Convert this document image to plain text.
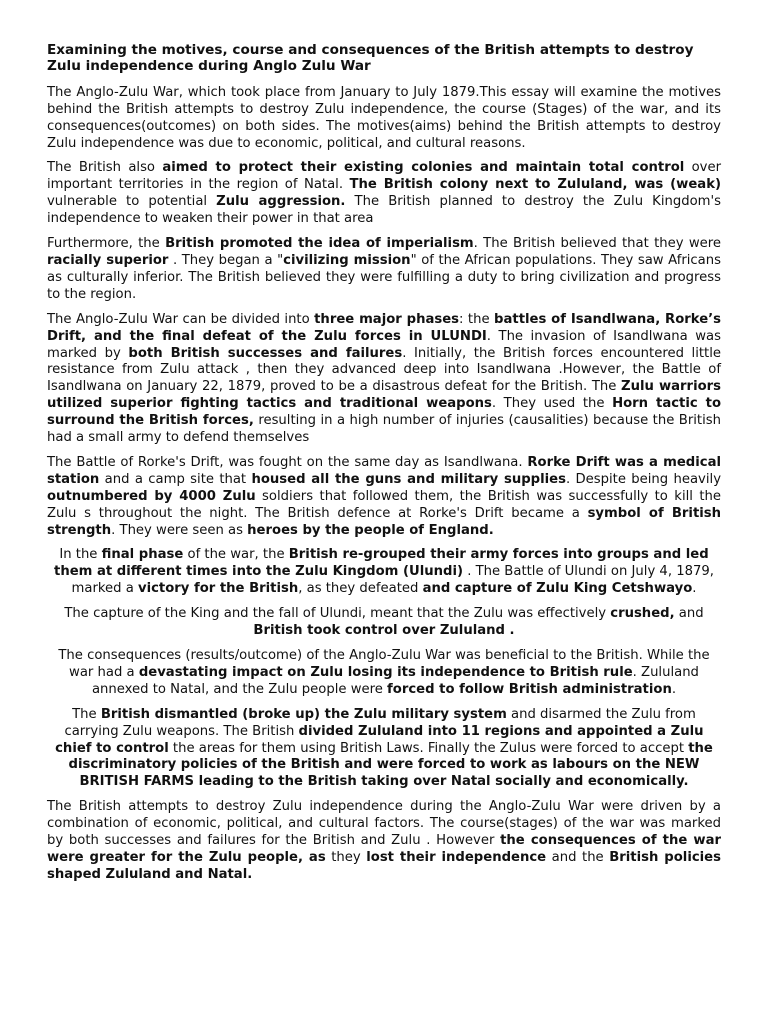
Examining the motives, course and consequences of the British attempts to destroy Zulu independence during Anglo Zulu War

The Anglo-Zulu War, which took place from January to July 1879.This essay will examine the motives behind the British attempts to destroy Zulu independence, the course (Stages) of the war, and its consequences(outcomes) on both sides. The motives(aims) behind the British attempts to destroy Zulu independence was due to economic, political, and cultural reasons.

The British also aimed to protect their existing colonies and maintain total control over important territories in the region of Natal. The British colony next to Zululand, was (weak) vulnerable to potential Zulu aggression. The British planned to destroy the Zulu Kingdom's independence to weaken their power in that area

Furthermore, the British promoted the idea of imperialism. The British believed that they were racially superior . They began a "civilizing mission" of the African populations. They saw Africans as culturally inferior. The British believed they were fulfilling a duty to bring civilization and progress to the region.

The Anglo-Zulu War can be divided into three major phases: the battles of Isandlwana, Rorke’s Drift, and the final defeat of the Zulu forces in ULUNDI. The invasion of Isandlwana was marked by both British successes and failures. Initially, the British forces encountered little resistance from Zulu attack , then they advanced deep into Isandlwana .However, the Battle of Isandlwana on January 22, 1879, proved to be a disastrous defeat for the British. The Zulu warriors utilized superior fighting tactics and traditional weapons. They used the Horn tactic to surround the British forces, resulting in a high number of injuries (causalities) because the British had a small army to defend themselves

The Battle of Rorke's Drift, was fought on the same day as Isandlwana. Rorke Drift was a medical station and a camp site that housed all the guns and military supplies. Despite being heavily outnumbered by 4000 Zulu soldiers that followed them, the British was successfully to kill the Zulu s throughout the night. The British defence at Rorke's Drift became a symbol of British strength. They were seen as heroes by the people of England.

In the final phase of the war, the British re-grouped their army forces into groups and led them at different times into the Zulu Kingdom (Ulundi) . The Battle of Ulundi on July 4, 1879, marked a victory for the British, as they defeated and capture of Zulu King Cetshwayo.

The capture of the King and the fall of Ulundi, meant that the Zulu was effectively crushed, and British took control over Zululand .

The consequences (results/outcome) of the Anglo-Zulu War was beneficial to the British. While the war had a devastating impact on Zulu losing its independence to British rule. Zululand annexed to Natal, and the Zulu people were forced to follow British administration.

The British dismantled (broke up) the Zulu military system and disarmed the Zulu from carrying Zulu weapons. The British divided Zululand into 11 regions and appointed a Zulu chief to control the areas for them using British Laws. Finally the Zulus were forced to accept the discriminatory policies of the British and were forced to work as labours on the NEW BRITISH FARMS leading to the British taking over Natal socially and economically.

The British attempts to destroy Zulu independence during the Anglo-Zulu War were driven by a combination of economic, political, and cultural factors. The course(stages) of the war was marked by both successes and failures for the British and Zulu . However the consequences of the war were greater for the Zulu people, as they lost their independence and the British policies shaped Zululand and Natal.
